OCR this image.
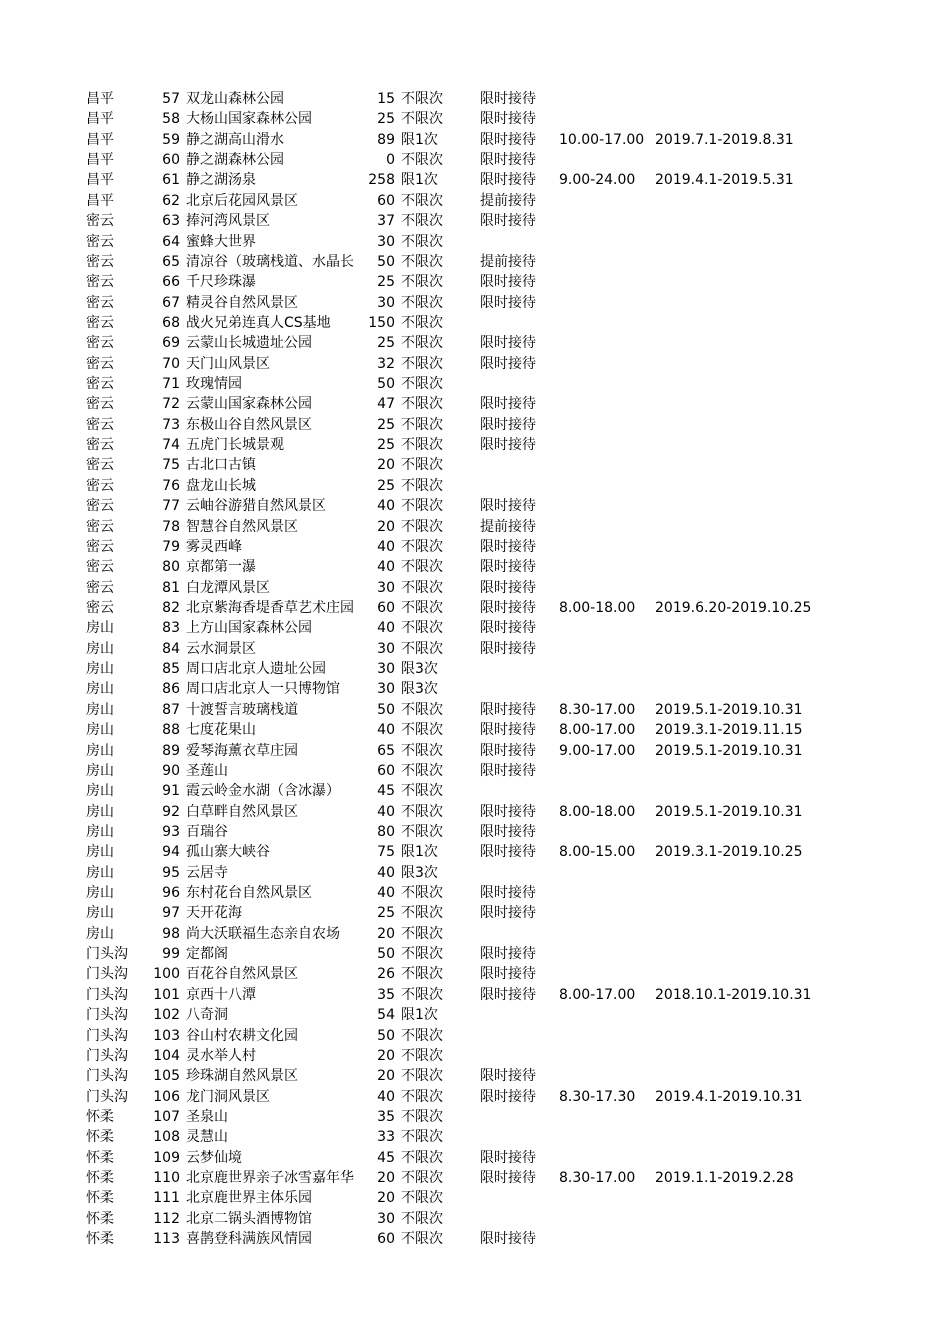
昌平	57 双龙山森林公园	15 不限次	限时接待
昌平	58 大杨山国家森林公园	25 不限次	限时接待
昌平	59 静之湖高山滑水	89 限1次	限时接待 10.00-17.00 2019.7.1-2019.8.31
昌平	60 静之湖森林公园	0 不限次	限时接待
昌平	61 静之湖汤泉	258 限1次	限时接待 9.00-24.00 2019.4.1-2019.5.31
昌平	62 北京后花园风景区	60 不限次	提前接待
密云	63 捧河湾风景区	37 不限次	限时接待
密云	64 蜜蜂大世界	30 不限次
密云	65 清凉谷（玻璃栈道、水晶长	50 不限次	提前接待
密云	66 千尺珍珠瀑	25 不限次	限时接待
密云	67 精灵谷自然风景区	30 不限次	限时接待
密云	68 战火兄弟连真人CS基地	150 不限次
密云	69 云蒙山长城遗址公园	25 不限次	限时接待
密云	70 天门山风景区	32 不限次	限时接待
密云	71 玫瑰情园	50 不限次
密云	72 云蒙山国家森林公园	47 不限次	限时接待
密云	73 东极山谷自然风景区	25 不限次	限时接待
密云	74 五虎门长城景观	25 不限次	限时接待
密云	75 古北口古镇	20 不限次
密云	76 盘龙山长城	25 不限次
密云	77 云岫谷游猎自然风景区	40 不限次	限时接待
密云	78 智慧谷自然风景区	20 不限次	提前接待
密云	79 雾灵西峰	40 不限次	限时接待
密云	80 京都第一瀑	40 不限次	限时接待
密云	81 白龙潭风景区	30 不限次	限时接待
密云	82 北京紫海香堤香草艺术庄园	60 不限次	限时接待 8.00-18.00 2019.6.20-2019.10.25
房山	83 上方山国家森林公园	40 不限次	限时接待
房山	84 云水洞景区	30 不限次	限时接待
房山	85 周口店北京人遗址公园	30 限3次
房山	86 周口店北京人一只博物馆	30 限3次
房山	87 十渡誓言玻璃栈道	50 不限次	限时接待 8.30-17.00 2019.5.1-2019.10.31
房山	88 七度花果山	40 不限次	限时接待 8.00-17.00 2019.3.1-2019.11.15
房山	89 爱琴海薰衣草庄园	65 不限次	限时接待 9.00-17.00 2019.5.1-2019.10.31
房山	90 圣莲山	60 不限次	限时接待
房山	91 霞云岭金水湖（含冰瀑）	45 不限次
房山	92 白草畔自然风景区	40 不限次	限时接待 8.00-18.00 2019.5.1-2019.10.31
房山	93 百瑞谷	80 不限次	限时接待
房山	94 孤山寨大峡谷	75 限1次	限时接待 8.00-15.00 2019.3.1-2019.10.25
房山	95 云居寺	40 限3次
房山	96 东村花台自然风景区	40 不限次	限时接待
房山	97 天开花海	25 不限次	限时接待
房山	98 尚大沃联福生态亲自农场	20 不限次
门头沟	99 定都阁	50 不限次	限时接待
门头沟	100 百花谷自然风景区	26 不限次	限时接待
门头沟	101 京西十八潭	35 不限次	限时接待 8.00-17.00 2018.10.1-2019.10.31
门头沟	102 八奇洞	54 限1次
门头沟	103 谷山村农耕文化园	50 不限次
门头沟	104 灵水举人村	20 不限次
门头沟	105 珍珠湖自然风景区	20 不限次	限时接待
门头沟	106 龙门洞风景区	40 不限次	限时接待 8.30-17.30 2019.4.1-2019.10.31
怀柔	107 圣泉山	35 不限次
怀柔	108 灵慧山	33 不限次
怀柔	109 云梦仙境	45 不限次	限时接待
怀柔	110 北京鹿世界亲子冰雪嘉年华	20 不限次	限时接待 8.30-17.00 2019.1.1-2019.2.28
怀柔	111 北京鹿世界主体乐园	20 不限次
怀柔	112 北京二锅头酒博物馆	30 不限次
怀柔	113 喜鹊登科满族风情园	60 不限次	限时接待
